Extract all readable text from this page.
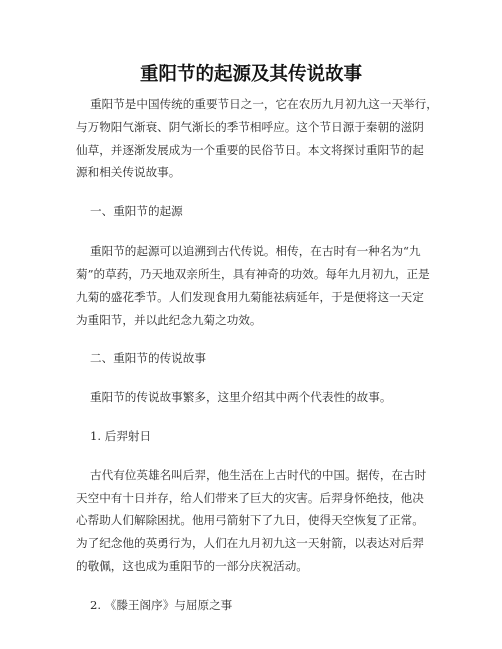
重阳节的起源及其传说故事
重阳节是中国传统的重要节日之一，它在农历九月初九这一天举行，
与万物阳气渐衰、阴气渐长的季节相呼应。这个节日源于秦朝的滋阴
仙草，并逐渐发展成为一个重要的民俗节日。本文将探讨重阳节的起
源和相关传说故事。
一、重阳节的起源
重阳节的起源可以追溯到古代传说。相传，在古时有一种名为“九
菊”的草药，乃天地双亲所生，具有神奇的功效。每年九月初九，正是
九菊的盛花季节。人们发现食用九菊能祛病延年，于是便将这一天定
为重阳节，并以此纪念九菊之功效。
二、重阳节的传说故事
重阳节的传说故事繁多，这里介绍其中两个代表性的故事。
1. 后羿射日
古代有位英雄名叫后羿，他生活在上古时代的中国。据传，在古时
天空中有十日并存，给人们带来了巨大的灾害。后羿身怀绝技，他决
心帮助人们解除困扰。他用弓箭射下了九日，使得天空恢复了正常。
为了纪念他的英勇行为，人们在九月初九这一天射箭，以表达对后羿
的敬佩，这也成为重阳节的一部分庆祝活动。
2. 《滕王阁序》与屈原之事
